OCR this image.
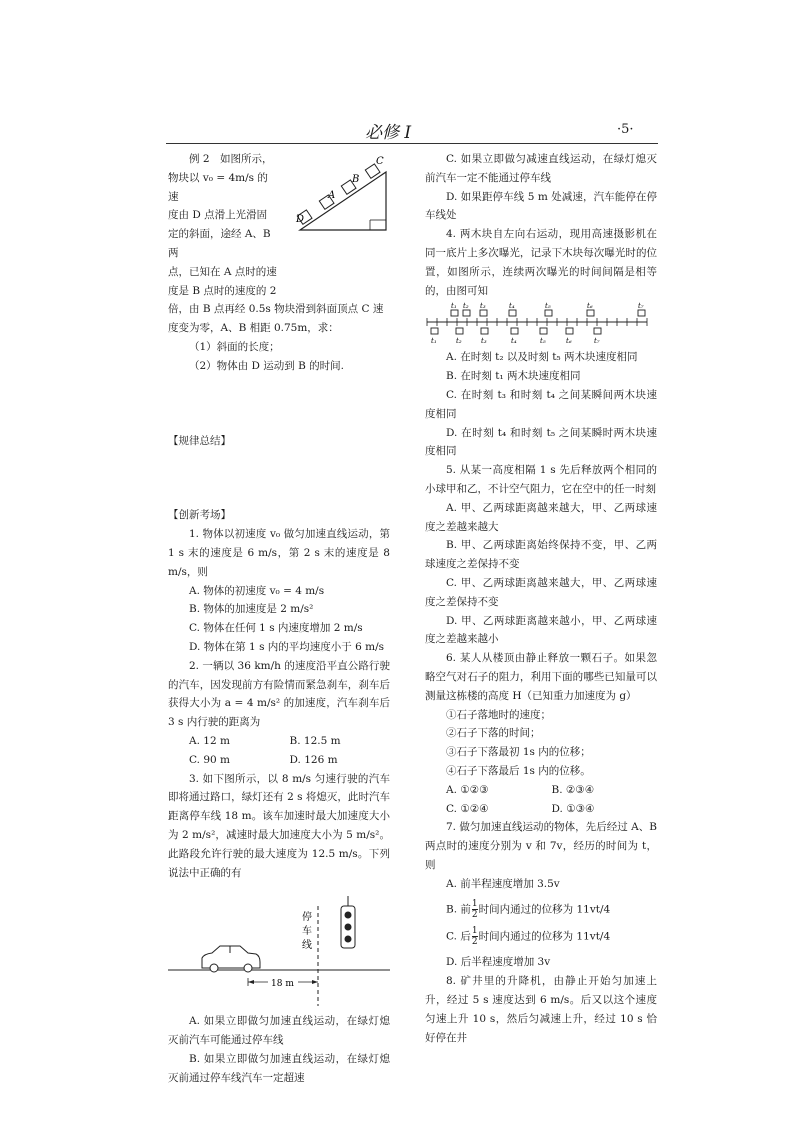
必修 I	·5·
C
B
A
D

例 2　如图所示，

物块以 v₀ = 4m/s 的速

度由 D 点滑上光滑固

定的斜面，途经 A、B 两

点，已知在 A 点时的速

度是 B 点时的速度的 2

倍，由 B 点再经 0.5s 物块滑到斜面顶点 C 速度变为零，A、B 相距 0.75m，求：

（1）斜面的长度；

（2）物体由 D 运动到 B 的时间.

【规律总结】

【创新考场】

1. 物体以初速度 v₀ 做匀加速直线运动，第 1 s 末的速度是 6 m/s，第 2 s 末的速度是 8 m/s，则

A. 物体的初速度 v₀ = 4 m/s

B. 物体的加速度是 2 m/s²

C. 物体在任何 1 s 内速度增加 2 m/s

D. 物体在第 1 s 内的平均速度小于 6 m/s

2. 一辆以 36 km/h 的速度沿平直公路行驶的汽车，因发现前方有险情而紧急刹车，刹车后获得大小为 a = 4 m/s² 的加速度，汽车刹车后 3 s 内行驶的距离为

A. 12 m	B. 12.5 m
C. 90 m	D. 126 m

3. 如下图所示，以 8 m/s 匀速行驶的汽车即将通过路口，绿灯还有 2 s 将熄灭，此时汽车距离停车线 18 m。该车加速时最大加速度大小为 2 m/s²，减速时最大加速度大小为 5 m/s²。此路段允许行驶的最大速度为 12.5 m/s。下列说法中正确的有

停
车
线
18 m

A. 如果立即做匀加速直线运动，在绿灯熄灭前汽车可能通过停车线

B. 如果立即做匀加速直线运动，在绿灯熄灭前通过停车线汽车一定超速

C. 如果立即做匀减速直线运动，在绿灯熄灭前汽车一定不能通过停车线

D. 如果距停车线 5 m 处减速，汽车能停在停车线处

4. 两木块自左向右运动，现用高速摄影机在同一底片上多次曝光，记录下木块每次曝光时的位置，如图所示，连续两次曝光的时间间隔是相等的，由图可知

t₁ t₂ t₃	t₄	t₅	t₆	t₇
t₁	t₂	t₃	t₄	t₅	t₆	t₇

A. 在时刻 t₂ 以及时刻 t₅ 两木块速度相同

B. 在时刻 t₁ 两木块速度相同

C. 在时刻 t₃ 和时刻 t₄ 之间某瞬间两木块速度相同

D. 在时刻 t₄ 和时刻 t₅ 之间某瞬时两木块速度相同

5. 从某一高度相隔 1 s 先后释放两个相同的小球甲和乙，不计空气阻力，它在空中的任一时刻

A. 甲、乙两球距离越来越大，甲、乙两球速度之差越来越大

B. 甲、乙两球距离始终保持不变，甲、乙两球速度之差保持不变

C. 甲、乙两球距离越来越大，甲、乙两球速度之差保持不变

D. 甲、乙两球距离越来越小，甲、乙两球速度之差越来越小

6. 某人从楼顶由静止释放一颗石子。如果忽略空气对石子的阻力，利用下面的哪些已知量可以测量这栋楼的高度 H（已知重力加速度为 g）

①石子落地时的速度；

②石子下落的时间；

③石子下落最初 1s 内的位移；

④石子下落最后 1s 内的位移。

A. ①②③	B. ②③④
C. ①②④	D. ①③④

7. 做匀加速直线运动的物体，先后经过 A、B 两点时的速度分别为 v 和 7v，经历的时间为 t，则

A. 前半程速度增加 3.5v

B. 前 $\frac{1}{2}$ 时间内通过的位移为 11vt/4

C. 后 $\frac{1}{2}$ 时间内通过的位移为 11vt/4

D. 后半程速度增加 3v

8. 矿井里的升降机，由静止开始匀加速上升，经过 5 s 速度达到 6 m/s。后又以这个速度匀速上升 10 s，然后匀减速上升，经过 10 s 恰好停在井
